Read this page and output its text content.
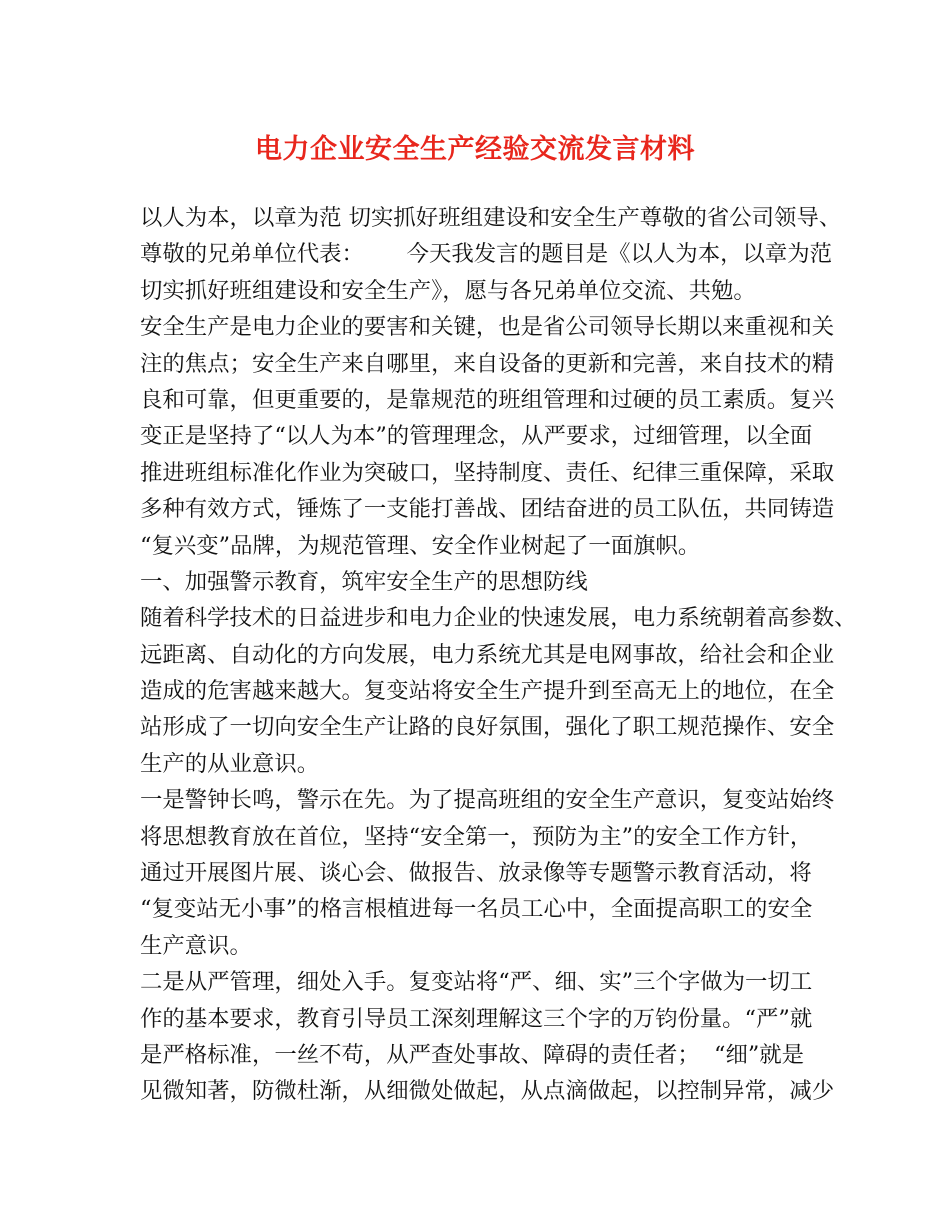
电力企业安全生产经验交流发言材料
以人为本，以章为范 切实抓好班组建设和安全生产尊敬的省公司领导、
尊敬的兄弟单位代表：      今天我发言的题目是《以人为本，以章为范
切实抓好班组建设和安全生产》，愿与各兄弟单位交流、共勉。
安全生产是电力企业的要害和关键，也是省公司领导长期以来重视和关
注的焦点；安全生产来自哪里，来自设备的更新和完善，来自技术的精
良和可靠，但更重要的，是靠规范的班组管理和过硬的员工素质。复兴
变正是坚持了“以人为本”的管理理念，从严要求，过细管理，以全面
推进班组标准化作业为突破口，坚持制度、责任、纪律三重保障，采取
多种有效方式，锤炼了一支能打善战、团结奋进的员工队伍，共同铸造
“复兴变”品牌，为规范管理、安全作业树起了一面旗帜。
一、加强警示教育，筑牢安全生产的思想防线
随着科学技术的日益进步和电力企业的快速发展，电力系统朝着高参数、
远距离、自动化的方向发展，电力系统尤其是电网事故，给社会和企业
造成的危害越来越大。复变站将安全生产提升到至高无上的地位，在全
站形成了一切向安全生产让路的良好氛围，强化了职工规范操作、安全
生产的从业意识。
一是警钟长鸣，警示在先。为了提高班组的安全生产意识，复变站始终
将思想教育放在首位，坚持“安全第一，预防为主”的安全工作方针，
通过开展图片展、谈心会、做报告、放录像等专题警示教育活动，将
“复变站无小事”的格言根植进每一名员工心中，全面提高职工的安全
生产意识。
二是从严管理，细处入手。复变站将“严、细、实”三个字做为一切工
作的基本要求，教育引导员工深刻理解这三个字的万钧份量。“严”就
是严格标准，一丝不苟，从严查处事故、障碍的责任者；  “细”就是
见微知著，防微杜渐，从细微处做起，从点滴做起，以控制异常，减少
